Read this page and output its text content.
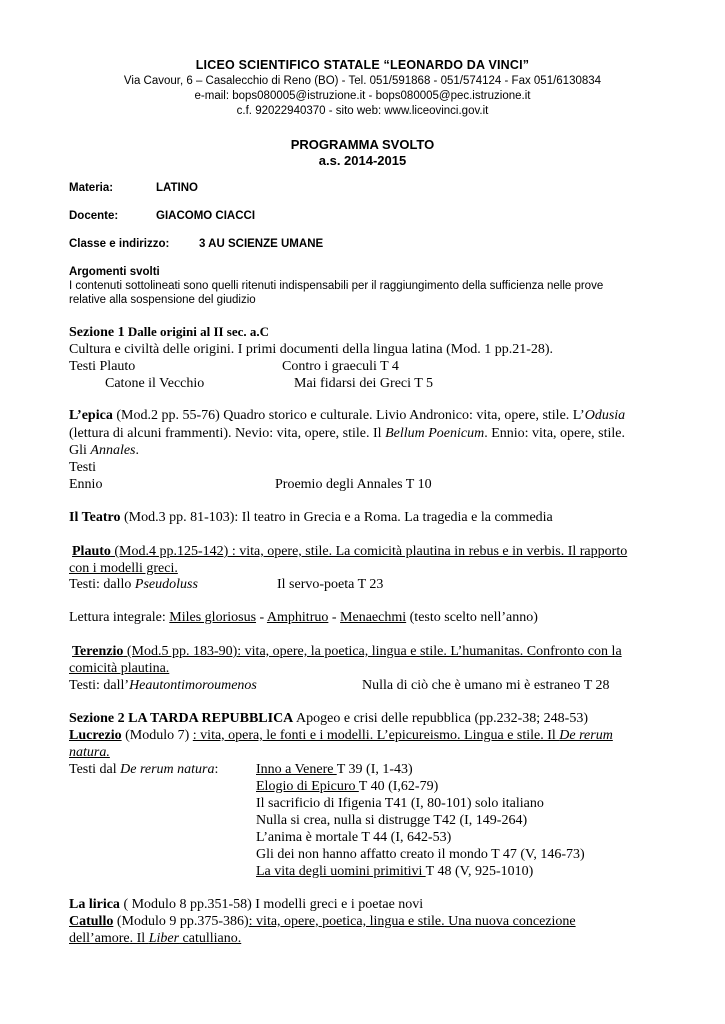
LICEO SCIENTIFICO STATALE “LEONARDO DA VINCI”
Via Cavour, 6 – Casalecchio di Reno (BO) - Tel. 051/591868 - 051/574124 - Fax 051/6130834
e-mail: bops080005@istruzione.it - bops080005@pec.istruzione.it
c.f. 92022940370 - sito web: www.liceovinci.gov.it
PROGRAMMA SVOLTO
a.s. 2014-2015
Materia:	LATINO
Docente:	GIACOMO CIACCI
Classe e indirizzo:	3 AU SCIENZE UMANE
Argomenti svolti
I contenuti sottolineati sono quelli ritenuti indispensabili per il raggiungimento della sufficienza nelle prove
relative alla sospensione del giudizio
Sezione 1 Dalle origini al II sec. a.C
Cultura e civiltà delle origini. I primi documenti della lingua latina (Mod. 1 pp.21-28).
Testi Plauto	Contro i graeculi T 4
Catone il Vecchio	Mai fidarsi dei Greci T 5
L’epica (Mod.2 pp. 55-76) Quadro storico e culturale. Livio Andronico: vita, opere, stile. L’Odusia
(lettura di alcuni frammenti). Nevio: vita, opere, stile. Il Bellum Poenicum. Ennio: vita, opere, stile.
Gli Annales.
Testi
Ennio	Proemio degli Annales T 10
Il Teatro (Mod.3 pp. 81-103): Il teatro in Grecia e a Roma. La tragedia e la commedia
Plauto (Mod.4 pp.125-142) : vita, opere, stile. La comicità plautina in rebus e in verbis. Il rapporto
con i modelli greci.
Testi: dallo Pseudoluss	Il servo-poeta T 23
Lettura integrale: Miles gloriosus - Amphitruo - Menaechmi (testo scelto nell’anno)
Terenzio (Mod.5 pp. 183-90): vita, opere, la poetica, lingua e stile. L’humanitas. Confronto con la
comicità plautina.
Testi: dall’Heautontimoroumenos	Nulla di ciò che è umano mi è estraneo T 28
Sezione 2 LA TARDA REPUBBLICA Apogeo e crisi delle repubblica (pp.232-38; 248-53)
Lucrezio (Modulo 7) : vita, opera, le fonti e i modelli. L’epicureismo. Lingua e stile. Il De rerum
natura.
Testi dal De rerum natura:	Inno a Venere T 39 (I, 1-43)
Elogio di Epicuro T 40 (I,62-79)
Il sacrificio di Ifigenia T41 (I, 80-101) solo italiano
Nulla si crea, nulla si distrugge T42 (I, 149-264)
L’anima è mortale T 44 (I, 642-53)
Gli dei non hanno affatto creato il mondo T 47 (V, 146-73)
La vita degli uomini primitivi T 48 (V, 925-1010)
La lirica ( Modulo 8 pp.351-58) I modelli greci e i poetae novi
Catullo (Modulo 9 pp.375-386): vita, opere, poetica, lingua e stile. Una nuova concezione
dell’amore. Il Liber catulliano.
